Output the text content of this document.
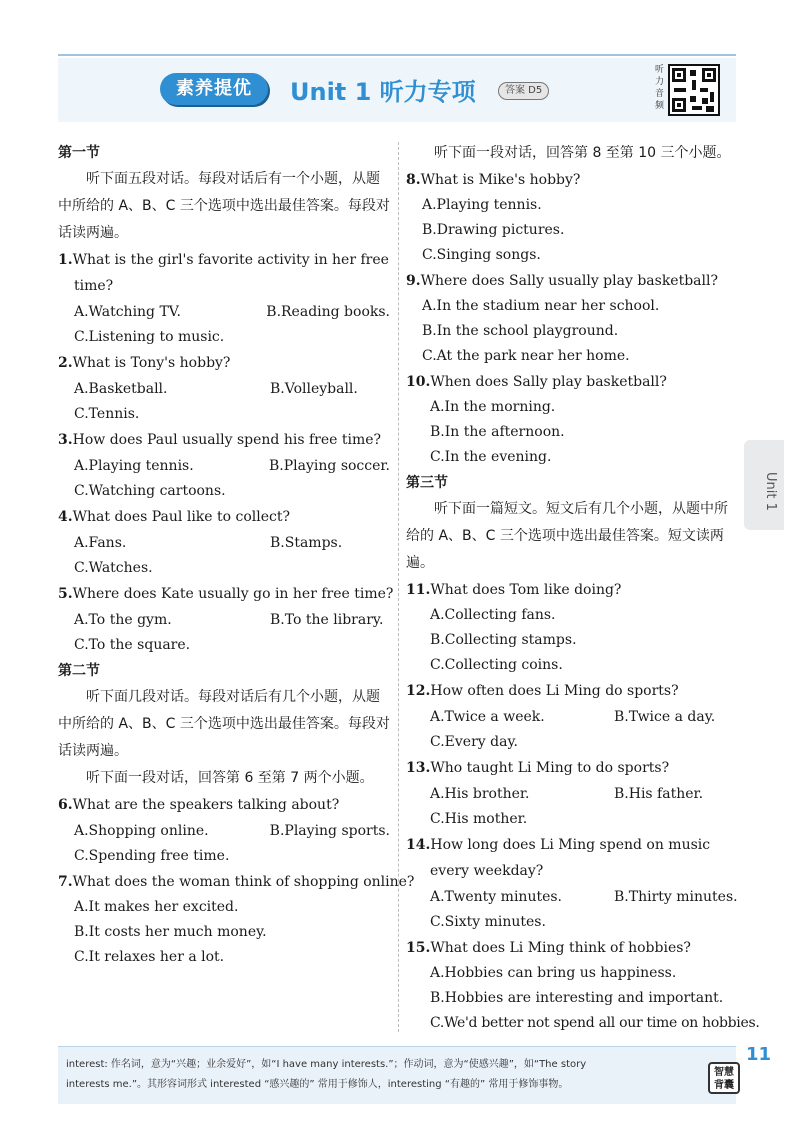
素养提优	Unit 1 听力专项	答案 D5
听力音频
第一节
听下面五段对话。每段对话后有一个小题，从题中所给的 A、B、C 三个选项中选出最佳答案。每段对话读两遍。
1.What is the girl's favorite activity in her free time?
A.Watching TV.	B.Reading books.
C.Listening to music.
2.What is Tony's hobby?
A.Basketball.	B.Volleyball.
C.Tennis.
3.How does Paul usually spend his free time?
A.Playing tennis.	B.Playing soccer.
C.Watching cartoons.
4.What does Paul like to collect?
A.Fans.	B.Stamps.
C.Watches.
5.Where does Kate usually go in her free time?
A.To the gym.	B.To the library.
C.To the square.
第二节
听下面几段对话。每段对话后有几个小题，从题中所给的 A、B、C 三个选项中选出最佳答案。每段对话读两遍。
听下面一段对话，回答第 6 至第 7 两个小题。
6.What are the speakers talking about?
A.Shopping online.	B.Playing sports.
C.Spending free time.
7.What does the woman think of shopping online?
A.It makes her excited.
B.It costs her much money.
C.It relaxes her a lot.
听下面一段对话，回答第 8 至第 10 三个小题。
8.What is Mike's hobby?
A.Playing tennis.
B.Drawing pictures.
C.Singing songs.
9.Where does Sally usually play basketball?
A.In the stadium near her school.
B.In the school playground.
C.At the park near her home.
10.When does Sally play basketball?
A.In the morning.
B.In the afternoon.
C.In the evening.
第三节
听下面一篇短文。短文后有几个小题，从题中所给的 A、B、C 三个选项中选出最佳答案。短文读两遍。
11.What does Tom like doing?
A.Collecting fans.
B.Collecting stamps.
C.Collecting coins.
12.How often does Li Ming do sports?
A.Twice a week.	B.Twice a day.
C.Every day.
13.Who taught Li Ming to do sports?
A.His brother.	B.His father.
C.His mother.
14.How long does Li Ming spend on music every weekday?
A.Twenty minutes.	B.Thirty minutes.
C.Sixty minutes.
15.What does Li Ming think of hobbies?
A.Hobbies can bring us happiness.
B.Hobbies are interesting and important.
C.We'd better not spend all our time on hobbies.
Unit 1
interest: 作名词，意为“兴趣；业余爱好”，如“I have many interests.”；作动词，意为“使感兴趣”，如“The story
interests me.”。其形容词形式 interested “感兴趣的” 常用于修饰人，interesting “有趣的” 常用于修饰事物。
11
智慧背囊
